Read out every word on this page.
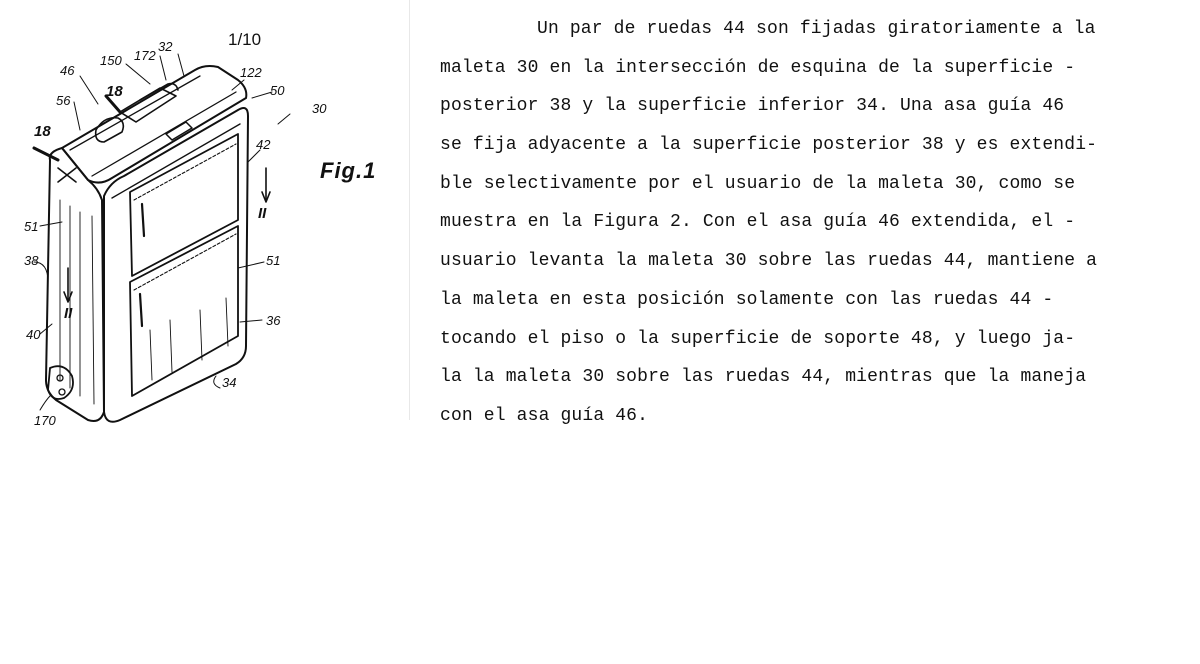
1/10
46
150 172
32
122
50
30
56
18
18
42
II
51
38
II
51
40
36
34
170
Fig.1
Un par de ruedas 44 son fijadas giratoriamente a la
maleta 30 en la intersección de esquina de la superficie -
posterior 38 y la superficie inferior 34. Una asa guía 46
se fija adyacente a la superficie posterior 38 y es extendi-
ble selectivamente por el usuario de la maleta 30, como se
muestra en la Figura 2. Con el asa guía 46 extendida, el -
usuario levanta la maleta 30 sobre las ruedas 44, mantiene a
la maleta en esta posición solamente con las ruedas 44 -
tocando el piso o la superficie de soporte 48, y luego ja-
la la maleta 30 sobre las ruedas 44, mientras que la maneja
con el asa guía 46.
